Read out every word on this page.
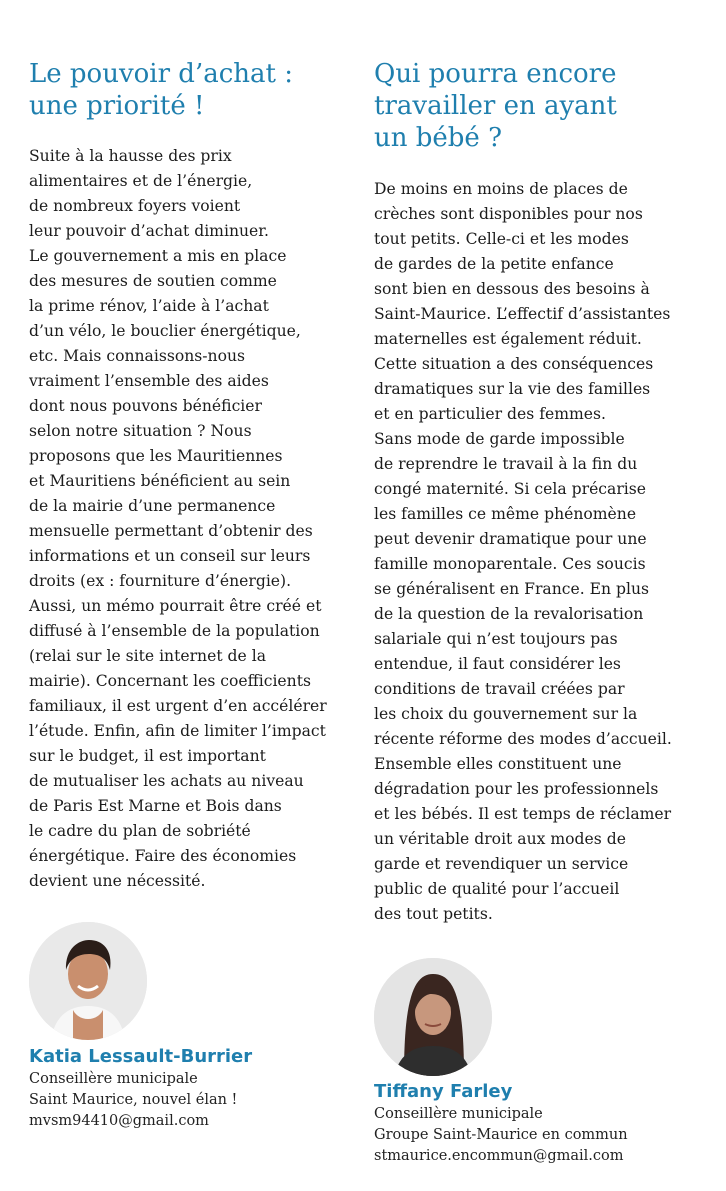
Le pouvoir d’achat :
une priorité !
Suite à la hausse des prix
alimentaires et de l’énergie,
de nombreux foyers voient
leur pouvoir d’achat diminuer.
Le gouvernement a mis en place
des mesures de soutien comme
la prime rénov, l’aide à l’achat
d’un vélo, le bouclier énergétique,
etc. Mais connaissons-nous
vraiment l’ensemble des aides
dont nous pouvons bénéficier
selon notre situation ? Nous
proposons que les Mauritiennes
et Mauritiens bénéficient au sein
de la mairie d’une permanence
mensuelle permettant d’obtenir des
informations et un conseil sur leurs
droits (ex : fourniture d’énergie).
Aussi, un mémo pourrait être créé et
diffusé à l’ensemble de la population
(relai sur le site internet de la
mairie). Concernant les coefficients
familiaux, il est urgent d’en accélérer
l’étude. Enfin, afin de limiter l’impact
sur le budget, il est important
de mutualiser les achats au niveau
de Paris Est Marne et Bois dans
le cadre du plan de sobriété
énergétique. Faire des économies
devient une nécessité.
Katia Lessault-Burrier
Conseillère municipale
Saint Maurice, nouvel élan !
mvsm94410@gmail.com
Qui pourra encore
travailler en ayant
un bébé ?
De moins en moins de places de
crèches sont disponibles pour nos
tout petits. Celle-ci et les modes
de gardes de la petite enfance
sont bien en dessous des besoins à
Saint-Maurice. L’effectif d’assistantes
maternelles est également réduit.
Cette situation a des conséquences
dramatiques sur la vie des familles
et en particulier des femmes.
Sans mode de garde impossible
de reprendre le travail à la fin du
congé maternité. Si cela précarise
les familles ce même phénomène
peut devenir dramatique pour une
famille monoparentale. Ces soucis
se généralisent en France. En plus
de la question de la revalorisation
salariale qui n’est toujours pas
entendue, il faut considérer les
conditions de travail créées par
les choix du gouvernement sur la
récente réforme des modes d’accueil.
Ensemble elles constituent une
dégradation pour les professionnels
et les bébés. Il est temps de réclamer
un véritable droit aux modes de
garde et revendiquer un service
public de qualité pour l’accueil
des tout petits.
Tiffany Farley
Conseillère municipale
Groupe Saint-Maurice en commun
stmaurice.encommun@gmail.com
